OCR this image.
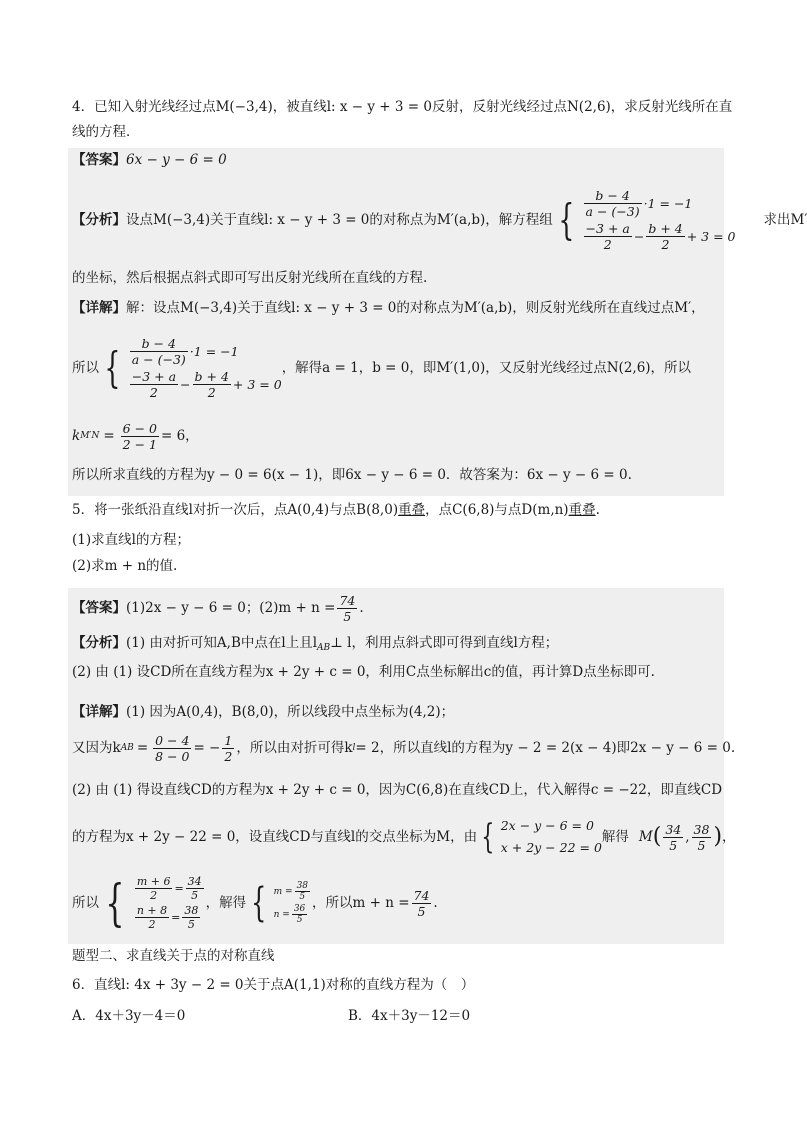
4．已知入射光线经过点M(−3,4)，被直线l: x − y + 3 = 0反射，反射光线经过点N(2,6)，求反射光线所在直
线的方程．
【答案】6x − y − 6 = 0
【分析】 设点M(−3,4)关于直线l: x − y + 3 = 0的对称点为M′(a,b)，解方程组 { $\frac{b - 4}{a - (-3)} \cdot 1 = -1$
$\frac{-3 + a}{2} - \frac{b + 4}{2} + 3 = 0$
求出M′
的坐标，然后根据点斜式即可写出反射光线所在直线的方程.
【详解】解：设点M(−3,4)关于直线l: x − y + 3 = 0的对称点为M′(a,b)，则反射光线所在直线过点M′，
所以 { $\frac{b - 4}{a - (-3)} \cdot 1 = -1$
$\frac{-3 + a}{2} - \frac{b + 4}{2} + 3 = 0$
，解得a = 1，b = 0，即M′(1,0)，又反射光线经过点N(2,6)，所以
k $M'N = \frac{6 - 0}{2 - 1} = 6$，
所以所求直线的方程为y − 0 = 6(x − 1)，即6x − y − 6 = 0．故答案为：6x − y − 6 = 0.
5．将一张纸沿直线l对折一次后，点A(0,4)与点B(8,0)重叠，点C(6,8)与点D(m,n)重叠.
(1)求直线l的方程；
(2)求m + n的值.
【答案】 (1)2x − y − 6 = 0；$(2)m + n = \frac{74}{5}$ .
【分析】(1) 由对折可知A,B中点在l上且$l_{AB}\perp$ l，利用点斜式即可得到直线l方程；
(2) 由 (1) 设CD所在直线方程为x + 2y + c = 0，利用C点坐标解出c的值，再计算D点坐标即可.
【详解】(1) 因为A(0,4)，B(8,0)，所以线段中点坐标为(4,2)；
又因为k AB = $\frac{0 - 4}{8 - 0}$ = − $\frac{1}{2}$ ，所以由对折可得k l = 2，所以直线l的方程为y − 2 = 2(x − 4)即2x − y − 6 = 0.
(2) 由 (1) 得设直线CD的方程为x + 2y + c = 0，因为C(6,8)在直线CD上，代入解得c = −22，即直线CD
的方程为x + 2y − 22 = 0，设直线CD与直线l的交点坐标为M，由 { 2x − y − 6 = 0
x + 2y − 22 = 0
解得 M ( $\frac{34}{5}$ , $\frac{38}{5}$ ) ，
所以 { $\frac{m + 6}{2} = \frac{34}{5}$
$\frac{n + 8}{2} = \frac{38}{5}$
，解得 { $m = \frac{38}{5}$
$n = \frac{36}{5}$
，所以$m + n = \frac{74}{5}$ .
题型二、求直线关于点的对称直线
6．直线l: 4x + 3y − 2 = 0关于点A(1,1)对称的直线方程为（　）
A．4x＋3y－4＝0	B．4x＋3y－12＝0
